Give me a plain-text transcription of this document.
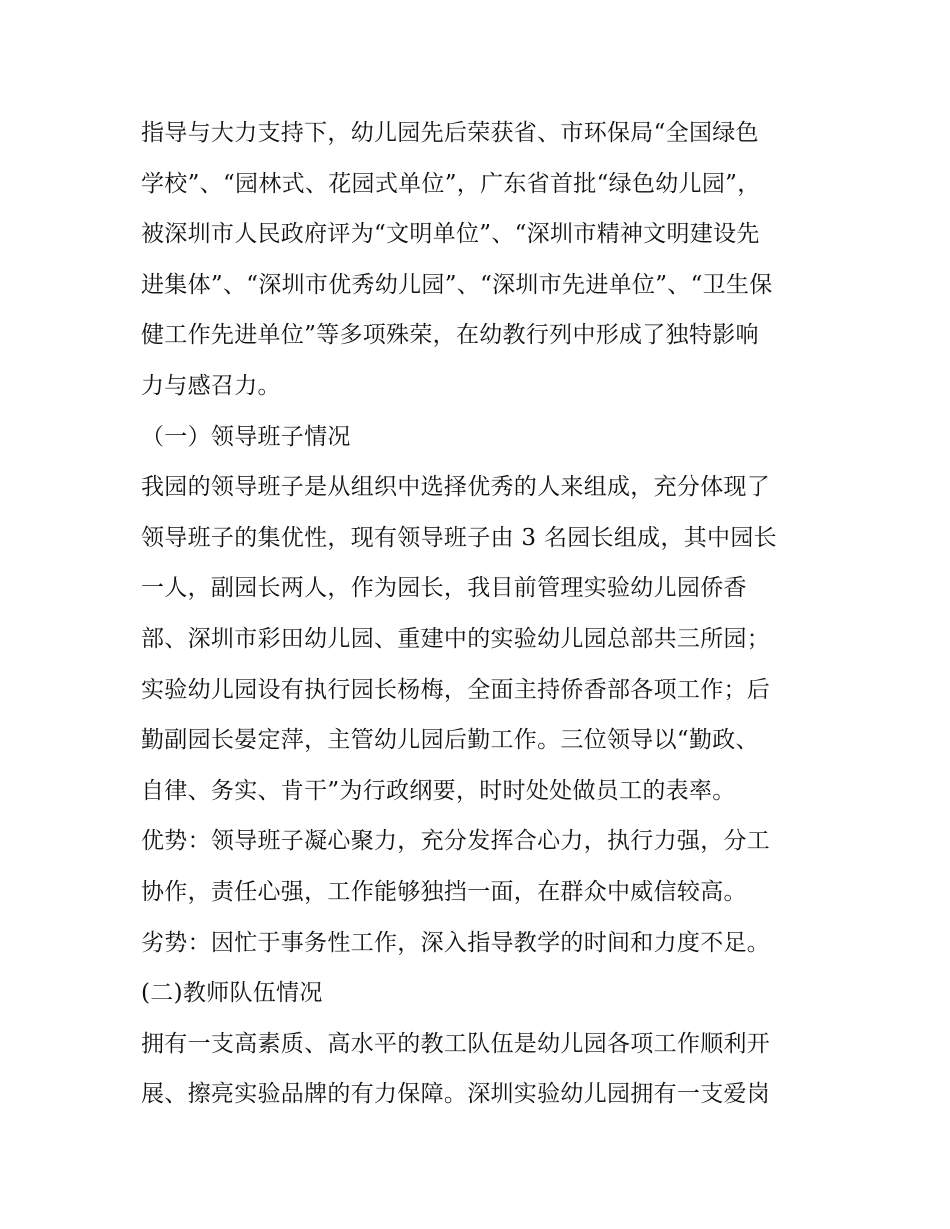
指导与大力支持下，幼儿园先后荣获省、市环保局“全国绿色
学校”、“园林式、花园式单位”，广东省首批“绿色幼儿园”，
被深圳市人民政府评为“文明单位”、“深圳市精神文明建设先
进集体”、“深圳市优秀幼儿园”、“深圳市先进单位”、“卫生保
健工作先进单位”等多项殊荣，在幼教行列中形成了独特影响
力与感召力。
（一）领导班子情况
我园的领导班子是从组织中选择优秀的人来组成，充分体现了
领导班子的集优性，现有领导班子由 3 名园长组成，其中园长
一人，副园长两人，作为园长，我目前管理实验幼儿园侨香
部、深圳市彩田幼儿园、重建中的实验幼儿园总部共三所园；
实验幼儿园设有执行园长杨梅，全面主持侨香部各项工作；后
勤副园长晏定萍，主管幼儿园后勤工作。三位领导以“勤政、
自律、务实、肯干”为行政纲要，时时处处做员工的表率。
优势：领导班子凝心聚力，充分发挥合心力，执行力强，分工
协作，责任心强，工作能够独挡一面，在群众中威信较高。
劣势：因忙于事务性工作，深入指导教学的时间和力度不足。
(二)教师队伍情况
拥有一支高素质、高水平的教工队伍是幼儿园各项工作顺利开
展、擦亮实验品牌的有力保障。深圳实验幼儿园拥有一支爱岗
